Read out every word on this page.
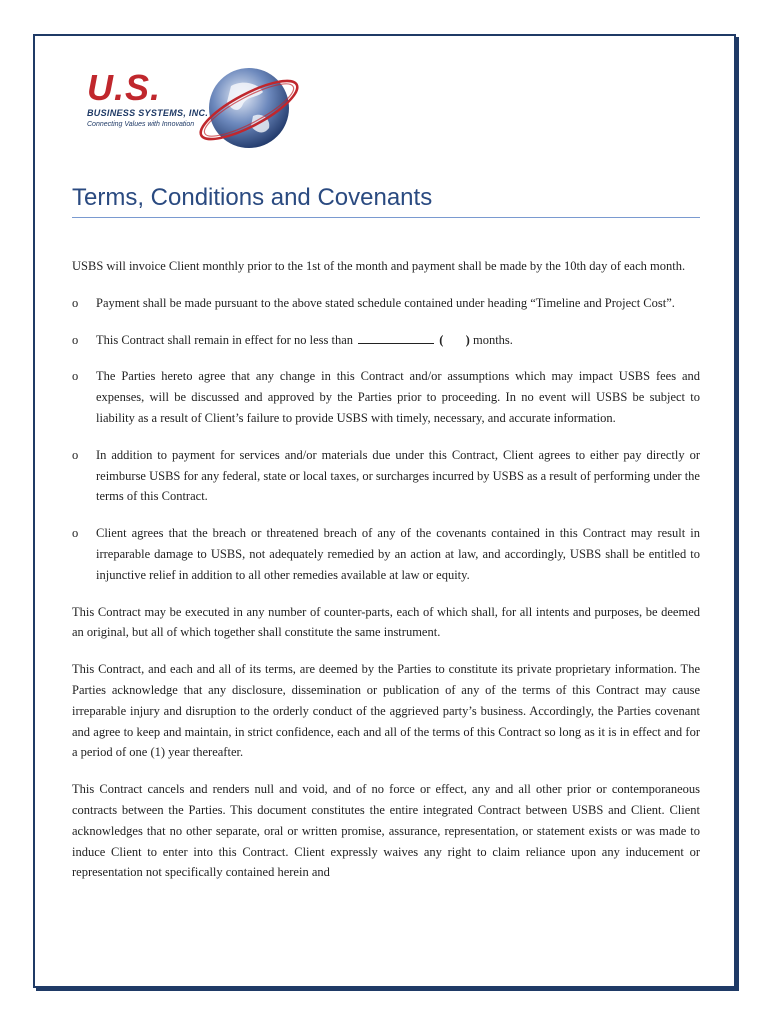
U.S.
BUSINESS SYSTEMS, INC.
Connecting Values with Innovation
Terms, Conditions and Covenants

USBS will invoice Client monthly prior to the 1st of the month and payment shall be made by the 10th day of each month.

o Payment shall be made pursuant to the above stated schedule contained under heading “Timeline and Project Cost”.
o This Contract shall remain in effect for no less than	( ) months.
o The Parties hereto agree that any change in this Contract and/or assumptions which may impact USBS fees and expenses, will be discussed and approved by the Parties prior to proceeding. In no event will USBS be subject to liability as a result of Client’s failure to provide USBS with timely, necessary, and accurate information.
o In addition to payment for services and/or materials due under this Contract, Client agrees to either pay directly or reimburse USBS for any federal, state or local taxes, or surcharges incurred by USBS as a result of performing under the terms of this Contract.
o Client agrees that the breach or threatened breach of any of the covenants contained in this Contract may result in irreparable damage to USBS, not adequately remedied by an action at law, and accordingly, USBS shall be entitled to injunctive relief in addition to all other remedies available at law or equity.

This Contract may be executed in any number of counter-parts, each of which shall, for all intents and purposes, be deemed an original, but all of which together shall constitute the same instrument.

This Contract, and each and all of its terms, are deemed by the Parties to constitute its private proprietary information. The Parties acknowledge that any disclosure, dissemination or publication of any of the terms of this Contract may cause irreparable injury and disruption to the orderly conduct of the aggrieved party’s business. Accordingly, the Parties covenant and agree to keep and maintain, in strict confidence, each and all of the terms of this Contract so long as it is in effect and for a period of one (1) year thereafter.

This Contract cancels and renders null and void, and of no force or effect, any and all other prior or contemporaneous contracts between the Parties. This document constitutes the entire integrated Contract between USBS and Client. Client acknowledges that no other separate, oral or written promise, assurance, representation, or statement exists or was made to induce Client to enter into this Contract. Client expressly waives any right to claim reliance upon any inducement or representation not specifically contained herein and
